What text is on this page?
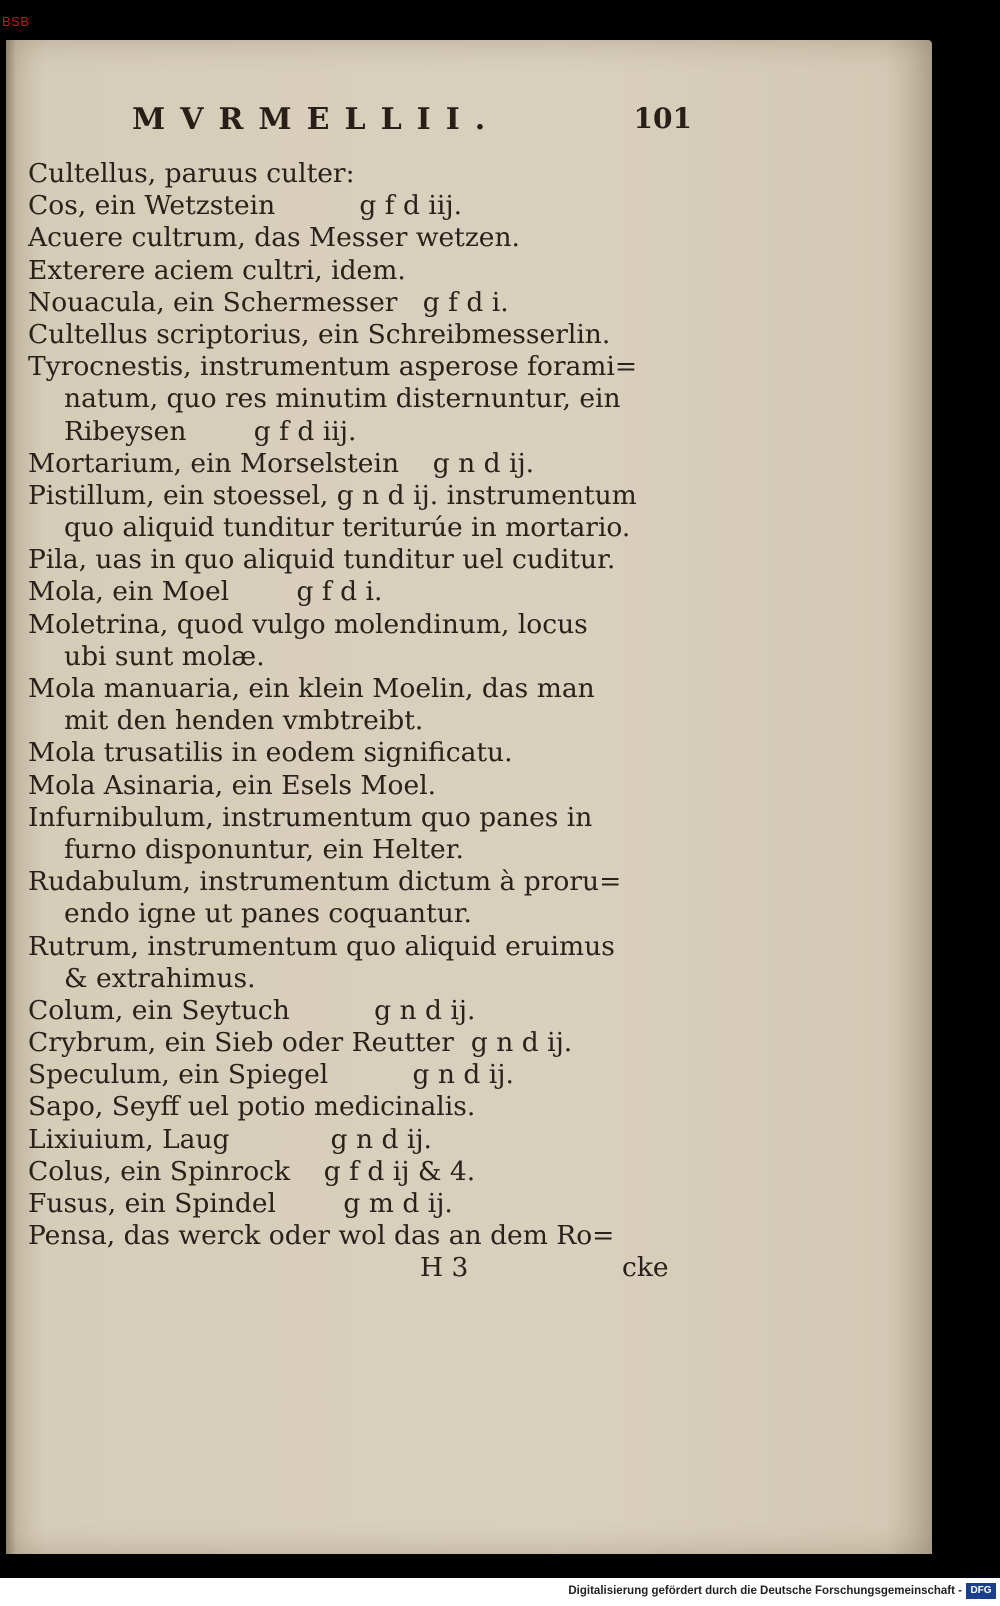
BSB
MVRMELLII.	101
Cultellus, paruus culter:
Cos, ein Wetzstein          g f d iij.
Acuere cultrum, das Messer wetzen.
Exterere aciem cultri, idem.
Nouacula, ein Schermesser   g f d i.
Cultellus scriptorius, ein Schreibmesserlin.
Tyrocnestis, instrumentum asperose forami=
natum, quo res minutim disternuntur, ein
Ribeysen        g f d iij.
Mortarium, ein Morselstein    g n d ij.
Pistillum, ein stoessel, g n d ij. instrumentum
quo aliquid tunditur teriturúe in mortario.
Pila, uas in quo aliquid tunditur uel cuditur.
Mola, ein Moel        g f d i.
Moletrina, quod vulgo molendinum, locus
ubi sunt molæ.
Mola manuaria, ein klein Moelin, das man
mit den henden vmbtreibt.
Mola trusatilis in eodem significatu.
Mola Asinaria, ein Esels Moel.
Infurnibulum, instrumentum quo panes in
furno disponuntur, ein Helter.
Rudabulum, instrumentum dictum à proru=
endo igne ut panes coquantur.
Rutrum, instrumentum quo aliquid eruimus
& extrahimus.
Colum, ein Seytuch          g n d ij.
Crybrum, ein Sieb oder Reutter  g n d ij.
Speculum, ein Spiegel          g n d ij.
Sapo, Seyff uel potio medicinalis.
Lixiuium, Laug            g n d ij.
Colus, ein Spinrock    g f d ij & 4.
Fusus, ein Spindel        g m d ij.
Pensa, das werck oder wol das an dem Ro=
H 3	cke
Digitalisierung gefördert durch die Deutsche Forschungsgemeinschaft - DFG
